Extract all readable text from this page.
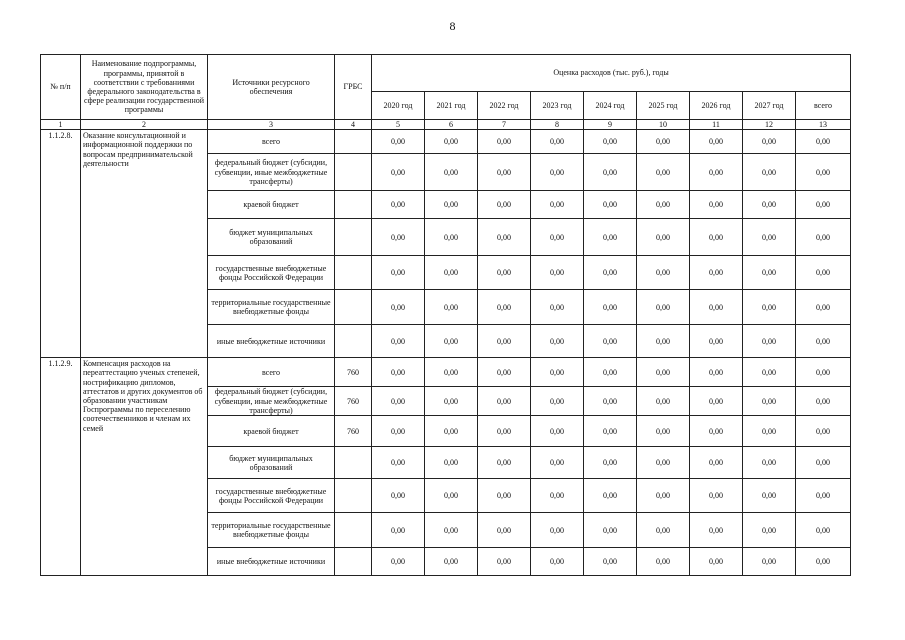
8
№ п/п	Наименование подпрограммы, программы, принятой в соответствии с требованиями федерального законодательства в сфере реализации государственной программы	Источники ресурсного обеспечения	ГРБС	Оценка расходов (тыс. руб.), годы								
				2020 год	2021 год	2022 год	2023 год	2024 год	2025 год	2026 год	2027 год	всего
1	2	3	4	5	6	7	8	9	10	11	12	13
1.1.2.8.	Оказание консультационной и информационной поддержки по вопросам предпринимательской деятельности	всего		0,00	0,00	0,00	0,00	0,00	0,00	0,00	0,00	0,00
		федеральный бюджет (субсидии, субвенции, иные межбюджетные трансферты)		0,00	0,00	0,00	0,00	0,00	0,00	0,00	0,00	0,00
		краевой бюджет		0,00	0,00	0,00	0,00	0,00	0,00	0,00	0,00	0,00
		бюджет муниципальных образований		0,00	0,00	0,00	0,00	0,00	0,00	0,00	0,00	0,00
		государственные внебюджетные фонды Российской Федерации		0,00	0,00	0,00	0,00	0,00	0,00	0,00	0,00	0,00
		территориальные государственные внебюджетные фонды		0,00	0,00	0,00	0,00	0,00	0,00	0,00	0,00	0,00
		иные внебюджетные источники		0,00	0,00	0,00	0,00	0,00	0,00	0,00	0,00	0,00
1.1.2.9.	Компенсация расходов на переаттестацию ученых степеней, нострификацию дипломов, аттестатов и других документов об образовании участникам Госпрограммы по переселению соотечественников и членам их семей	всего	760	0,00	0,00	0,00	0,00	0,00	0,00	0,00	0,00	0,00
		федеральный бюджет (субсидии, субвенции, иные межбюджетные трансферты)	760	0,00	0,00	0,00	0,00	0,00	0,00	0,00	0,00	0,00
		краевой бюджет	760	0,00	0,00	0,00	0,00	0,00	0,00	0,00	0,00	0,00
		бюджет муниципальных образований		0,00	0,00	0,00	0,00	0,00	0,00	0,00	0,00	0,00
		государственные внебюджетные фонды Российской Федерации		0,00	0,00	0,00	0,00	0,00	0,00	0,00	0,00	0,00
		территориальные государственные внебюджетные фонды		0,00	0,00	0,00	0,00	0,00	0,00	0,00	0,00	0,00
		иные внебюджетные источники		0,00	0,00	0,00	0,00	0,00	0,00	0,00	0,00	0,00
